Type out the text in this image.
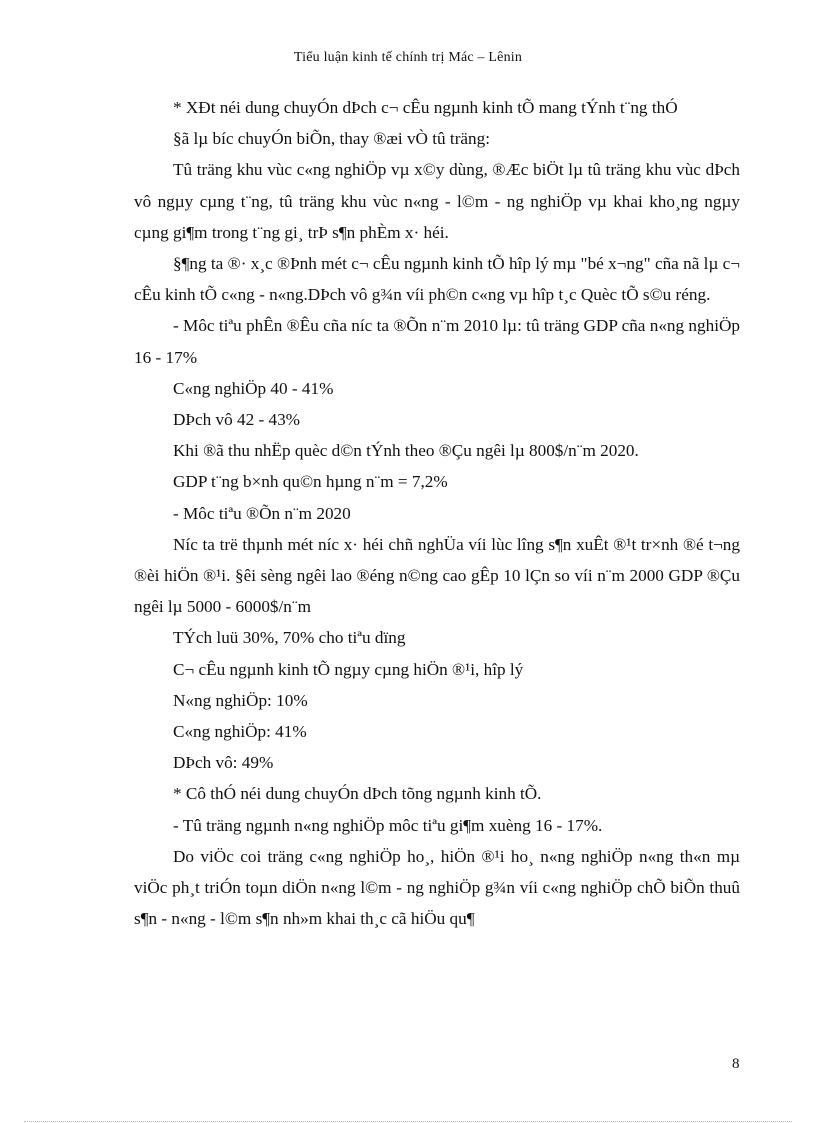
Tiểu luận kinh tế chính trị Mác – Lênin

* XÐt néi dung chuyÓn dÞch c¬ cÊu ngµnh kinh tÕ mang tÝnh t¨ng thÓ

§ã lµ bíc chuyÓn biÕn, thay ®æi vÒ tû träng:

Tû träng khu vùc c«ng nghiÖp vµ x©y dùng, ®Æc biÖt lµ tû träng khu vùc dÞch vô ngµy cµng t¨ng, tû träng khu vùc n«ng - l©m - ng nghiÖp vµ khai kho¸ng ngµy cµng gi¶m trong t¨ng gi¸ trÞ s¶n phÈm x· héi.

§¶ng ta ®· x¸c ®Þnh mét c¬ cÊu ngµnh kinh tÕ hîp lý mµ "bé x¬ng" cña nã lµ c¬ cÊu kinh tÕ c«ng - n«ng.DÞch vô g¾n víi ph©n c«ng vµ hîp t¸c Quèc tÕ s©u réng.

- Môc tiªu phÊn ®Êu cña níc ta ®Õn n¨m 2010 lµ: tû träng GDP cña n«ng nghiÖp 16 - 17%

C«ng nghiÖp 40 - 41%

DÞch vô 42 - 43%

Khi ®ã thu nhËp quèc d©n tÝnh theo ®Çu ngêi lµ 800$/n¨m 2020.

GDP t¨ng b×nh qu©n hµng n¨m = 7,2%

- Môc tiªu ®Õn n¨m 2020

Níc ta trë thµnh mét níc x· héi chñ nghÜa víi lùc lîng s¶n xuÊt ®¹t tr×nh ®é t¬ng ®èi hiÖn ®¹i. §êi sèng ngêi lao ®éng n©ng cao gÊp 10 lÇn so víi n¨m 2000 GDP ®Çu ngêi lµ 5000 - 6000$/n¨m

TÝch luü 30%, 70% cho tiªu dïng

C¬ cÊu ngµnh kinh tÕ ngµy cµng hiÖn ®¹i, hîp lý

N«ng nghiÖp: 10%

C«ng nghiÖp: 41%

DÞch vô: 49%

* Cô thÓ néi dung chuyÓn dÞch tõng ngµnh kinh tÕ.

- Tû träng ngµnh n«ng nghiÖp môc tiªu gi¶m xuèng 16 - 17%.

Do viÖc coi träng c«ng nghiÖp ho¸, hiÖn ®¹i ho¸ n«ng nghiÖp n«ng th«n mµ viÖc ph¸t triÓn toµn diÖn n«ng l©m - ng nghiÖp g¾n víi c«ng nghiÖp chÕ biÕn thuû s¶n - n«ng - l©m s¶n nh»m khai th¸c cã hiÖu qu¶

8
